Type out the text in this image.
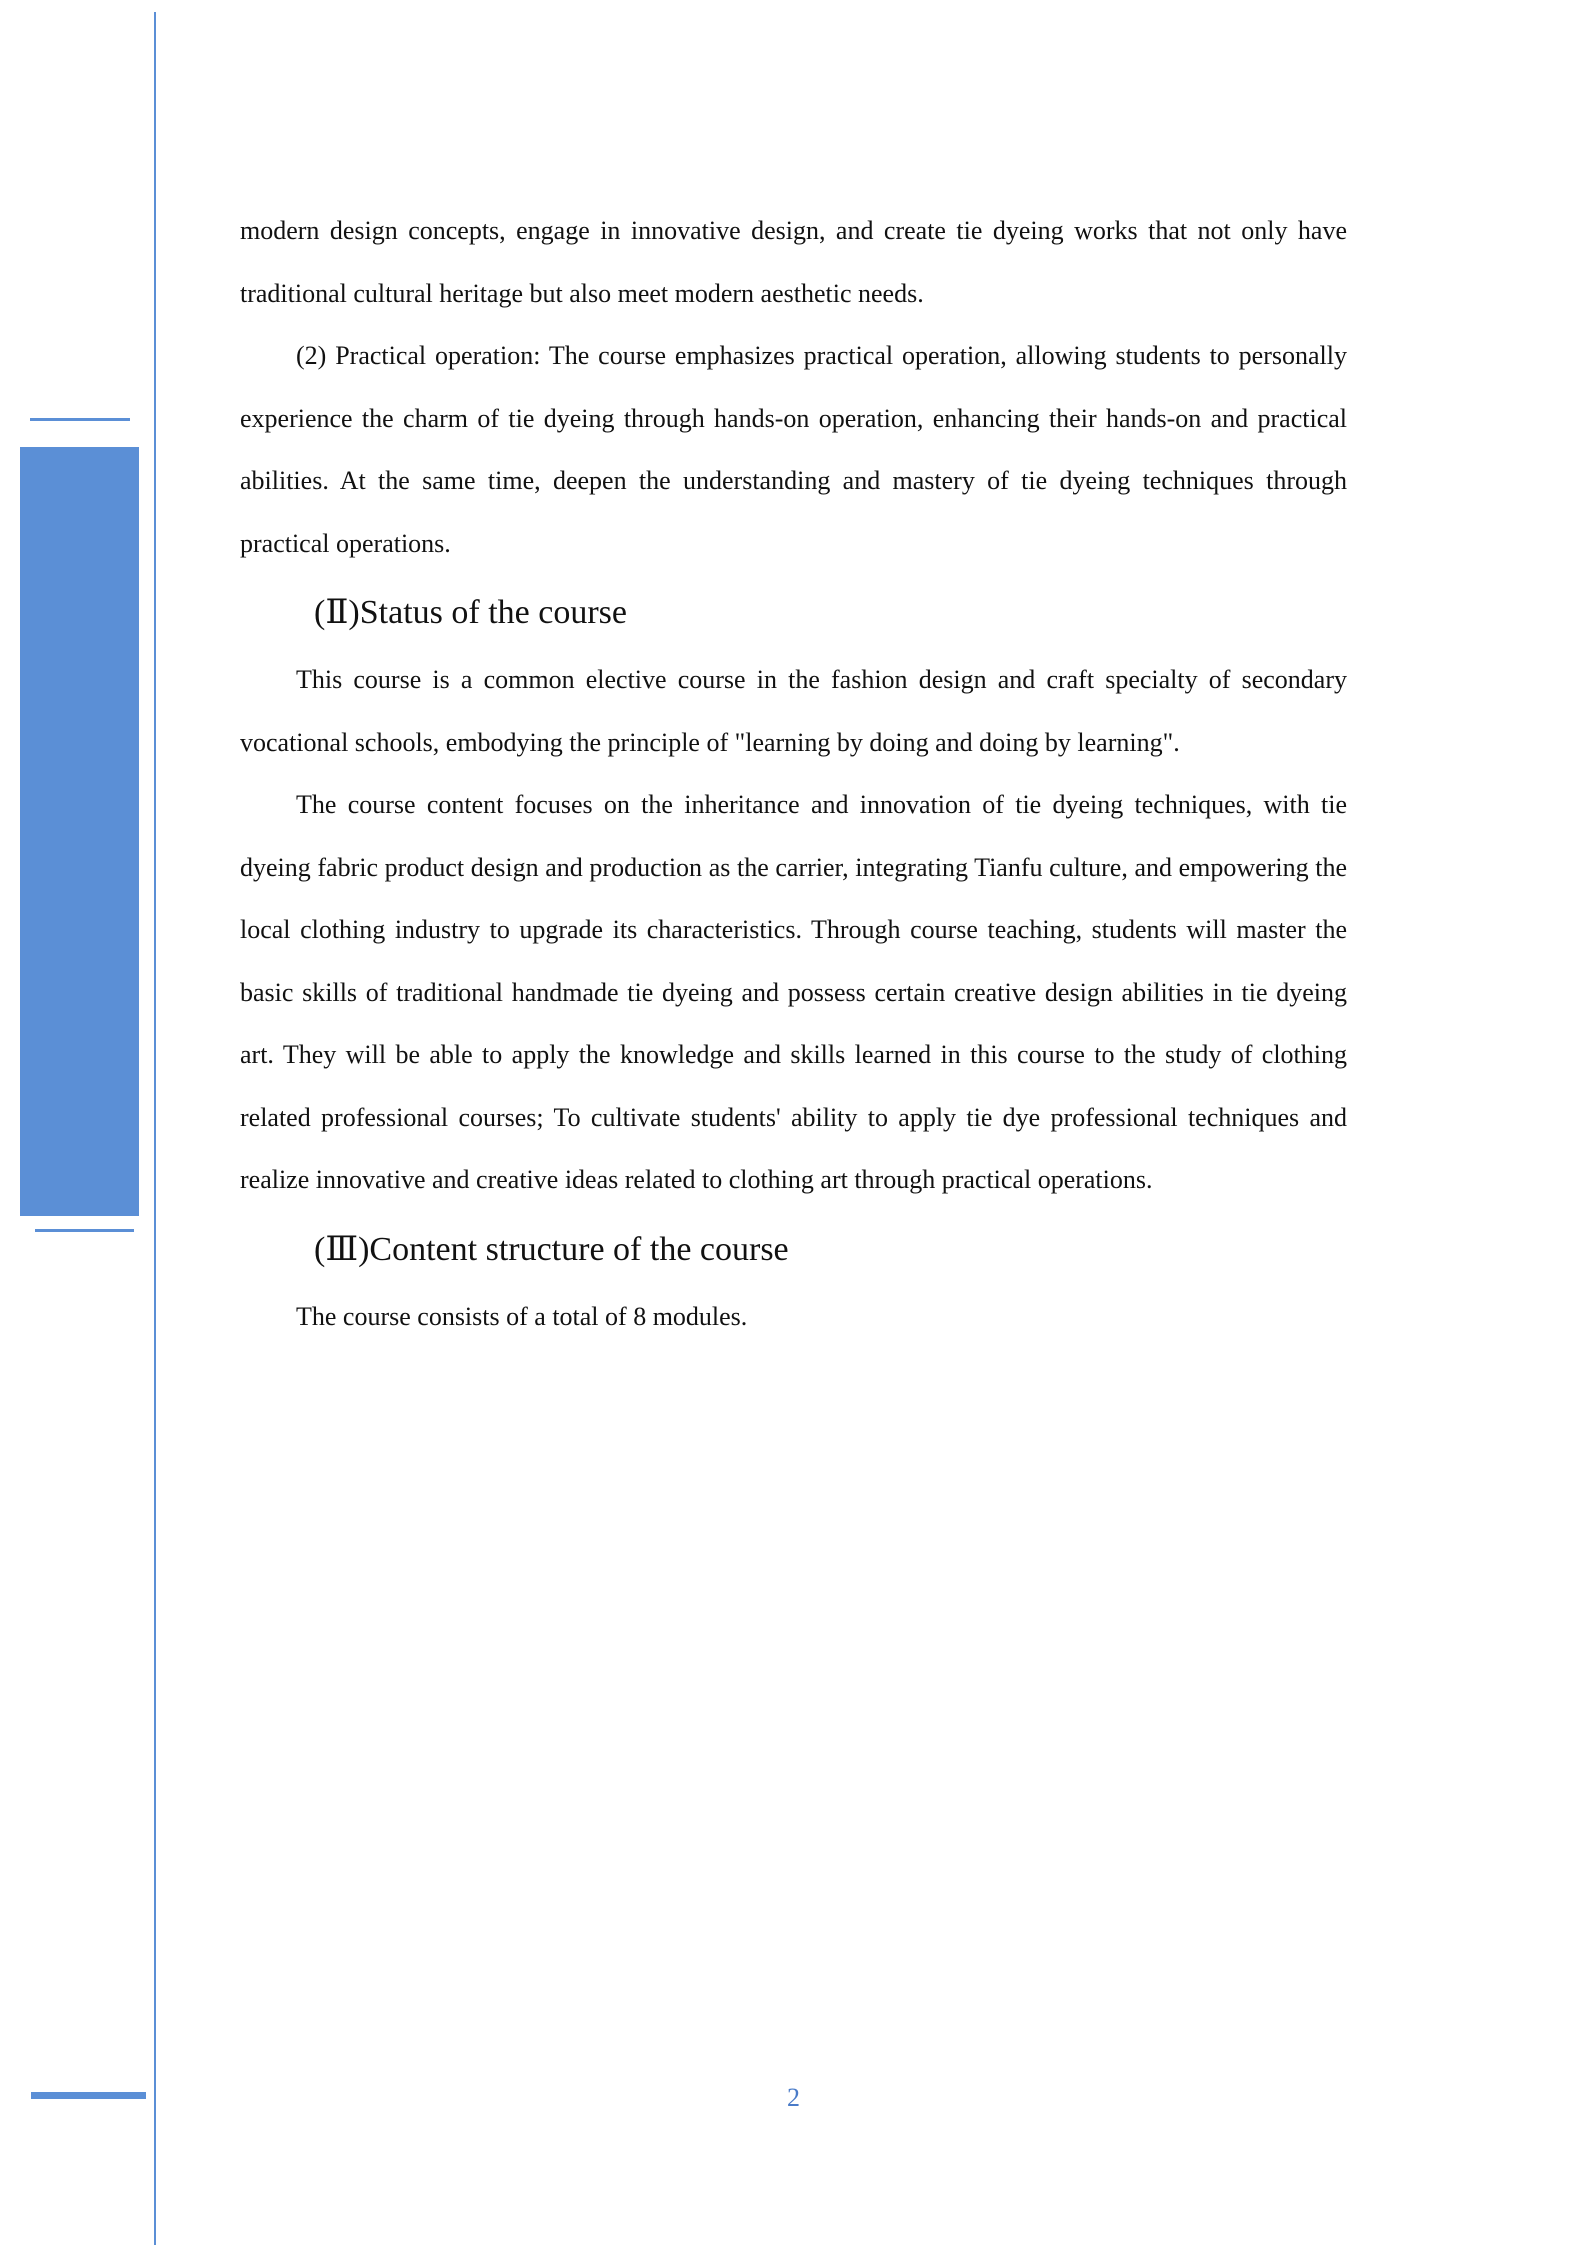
modern design concepts, engage in innovative design, and create tie dyeing works that not only have traditional cultural heritage but also meet modern aesthetic needs.

(2) Practical operation: The course emphasizes practical operation, allowing students to personally experience the charm of tie dyeing through hands-on operation, enhancing their hands-on and practical abilities. At the same time, deepen the understanding and mastery of tie dyeing techniques through practical operations.

(Ⅱ)Status of the course

This course is a common elective course in the fashion design and craft specialty of secondary vocational schools, embodying the principle of "learning by doing and doing by learning".

The course content focuses on the inheritance and innovation of tie dyeing techniques, with tie dyeing fabric product design and production as the carrier, integrating Tianfu culture, and empowering the local clothing industry to upgrade its characteristics. Through course teaching, students will master the basic skills of traditional handmade tie dyeing and possess certain creative design abilities in tie dyeing art. They will be able to apply the knowledge and skills learned in this course to the study of clothing related professional courses; To cultivate students' ability to apply tie dye professional techniques and realize innovative and creative ideas related to clothing art through practical operations.

(Ⅲ)Content structure of the course

The course consists of a total of 8 modules.

2
